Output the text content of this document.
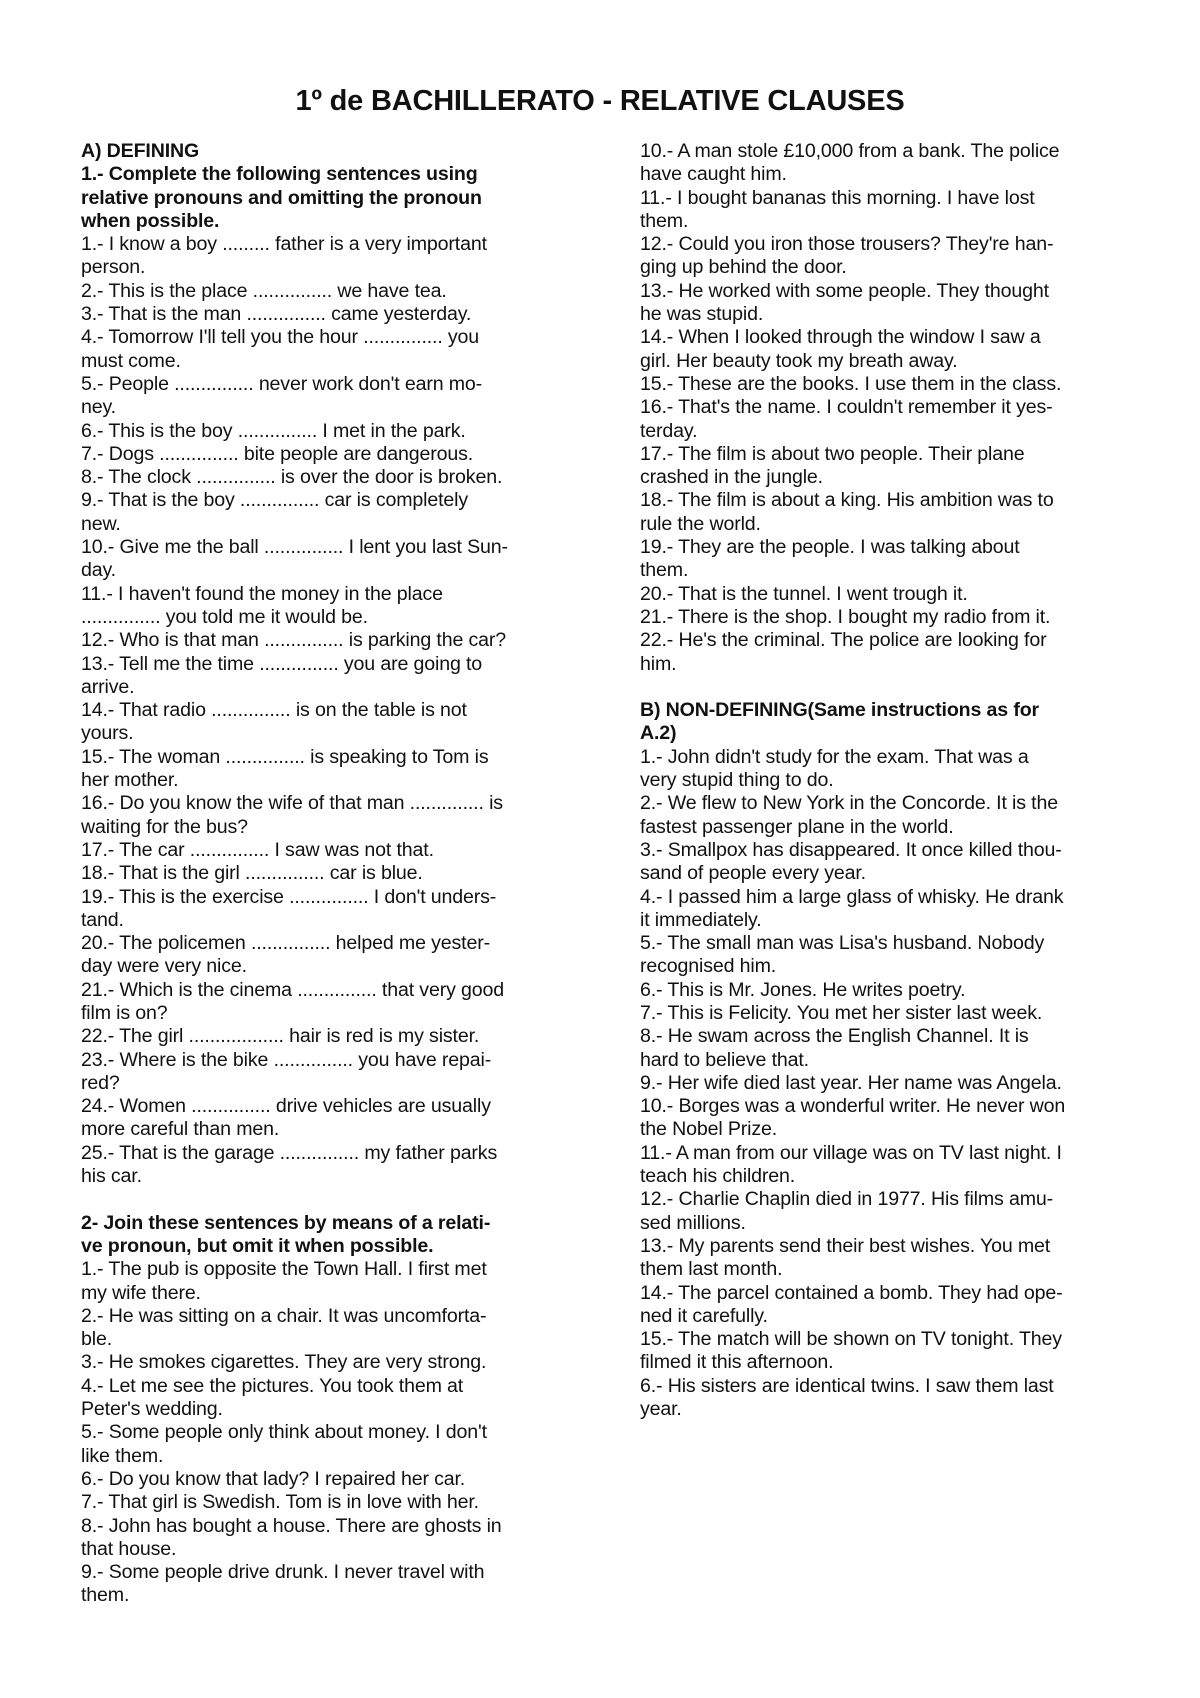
1º de BACHILLERATO - RELATIVE CLAUSES
A) DEFINING
1.- Complete the following sentences using
relative pronouns and omitting the pronoun
when possible.
1.- I know a boy ......... father is a very important
person.
2.- This is the place ............... we have tea.
3.- That is the man ............... came yesterday.
4.- Tomorrow I'll tell you the hour ............... you
must come.
5.- People ............... never work don't earn mo-
ney.
6.- This is the boy ............... I met in the park.
7.- Dogs ............... bite people are dangerous.
8.- The clock ............... is over the door is broken.
9.- That is the boy ............... car is completely
new.
10.- Give me the ball ............... I lent you last Sun-
day.
11.- I haven't found the money in the place
............... you told me it would be.
12.- Who is that man ............... is parking the car?
13.- Tell me the time ............... you are going to
arrive.
14.- That radio ............... is on the table is not
yours.
15.- The woman ............... is speaking to Tom is
her mother.
16.- Do you know the wife of that man .............. is
waiting for the bus?
17.- The car ............... I saw was not that.
18.- That is the girl ............... car is blue.
19.- This is the exercise ............... I don't unders-
tand.
20.- The policemen ............... helped me yester-
day were very nice.
21.- Which is the cinema ............... that very good
film is on?
22.- The girl .................. hair is red is my sister.
23.- Where is the bike ............... you have repai-
red?
24.- Women ............... drive vehicles are usually
more careful than men.
25.- That is the garage ............... my father parks
his car.
2- Join these sentences by means of a relati-
ve pronoun, but omit it when possible.
1.- The pub is opposite the Town Hall. I first met
my wife there.
2.- He was sitting on a chair. It was uncomforta-
ble.
3.- He smokes cigarettes. They are very strong.
4.- Let me see the pictures. You took them at
Peter's wedding.
5.- Some people only think about money. I don't
like them.
6.- Do you know that lady? I repaired her car.
7.- That girl is Swedish. Tom is in love with her.
8.- John has bought a house. There are ghosts in
that house.
9.- Some people drive drunk. I never travel with
them.
10.- A man stole £10,000 from a bank. The police
have caught him.
11.- I bought bananas this morning. I have lost
them.
12.- Could you iron those trousers? They're han-
ging up behind the door.
13.- He worked with some people. They thought
he was stupid.
14.- When I looked through the window I saw a
girl. Her beauty took my breath away.
15.- These are the books. I use them in the class.
16.- That's the name. I couldn't remember it yes-
terday.
17.- The film is about two people. Their plane
crashed in the jungle.
18.- The film is about a king. His ambition was to
rule the world.
19.- They are the people. I was talking about
them.
20.- That is the tunnel. I went trough it.
21.- There is the shop. I bought my radio from it.
22.- He's the criminal. The police are looking for
him.
B) NON-DEFINING(Same instructions as for
A.2)
1.- John didn't study for the exam. That was a
very stupid thing to do.
2.- We flew to New York in the Concorde. It is the
fastest passenger plane in the world.
3.- Smallpox has disappeared. It once killed thou-
sand of people every year.
4.- I passed him a large glass of whisky. He drank
it immediately.
5.- The small man was Lisa's husband. Nobody
recognised him.
6.- This is Mr. Jones. He writes poetry.
7.- This is Felicity. You met her sister last week.
8.- He swam across the English Channel. It is
hard to believe that.
9.- Her wife died last year. Her name was Angela.
10.- Borges was a wonderful writer. He never won
the Nobel Prize.
11.- A man from our village was on TV last night. I
teach his children.
12.- Charlie Chaplin died in 1977. His films amu-
sed millions.
13.- My parents send their best wishes. You met
them last month.
14.- The parcel contained a bomb. They had ope-
ned it carefully.
15.- The match will be shown on TV tonight. They
filmed it this afternoon.
6.- His sisters are identical twins. I saw them last
year.
